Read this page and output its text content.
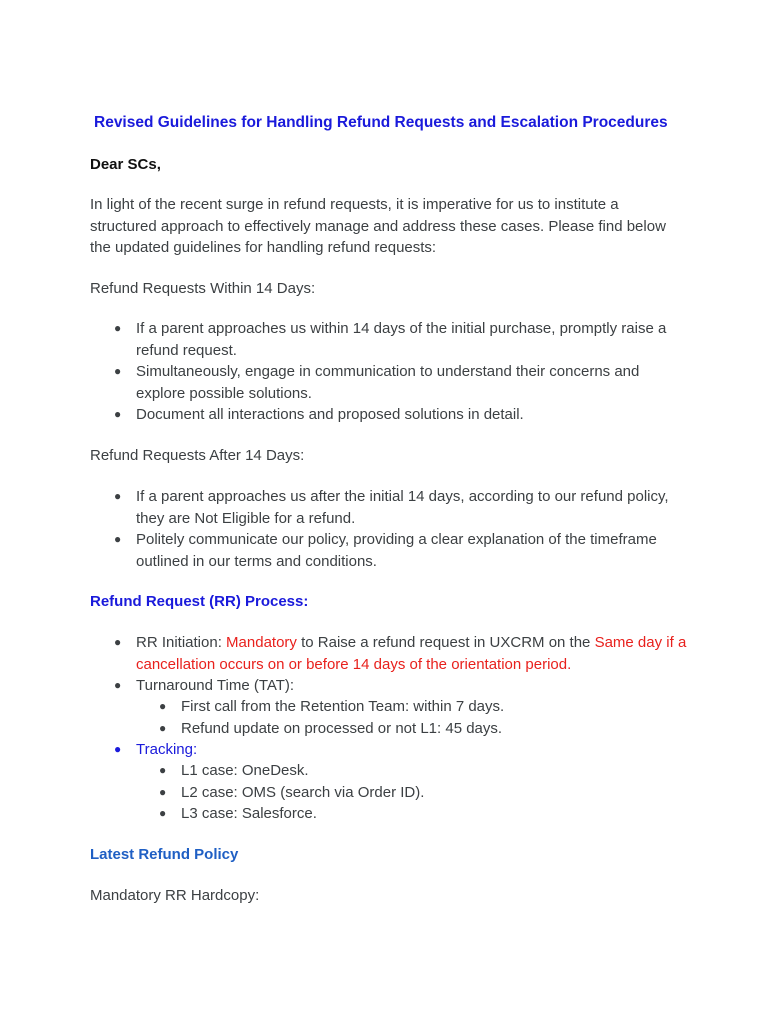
Revised Guidelines for Handling Refund Requests and Escalation Procedures
Dear SCs,
In light of the recent surge in refund requests, it is imperative for us to institute a structured approach to effectively manage and address these cases. Please find below the updated guidelines for handling refund requests:
Refund Requests Within 14 Days:
● If a parent approaches us within 14 days of the initial purchase, promptly raise a refund request.
● Simultaneously, engage in communication to understand their concerns and explore possible solutions.
● Document all interactions and proposed solutions in detail.
Refund Requests After 14 Days:
● If a parent approaches us after the initial 14 days, according to our refund policy, they are Not Eligible for a refund.
● Politely communicate our policy, providing a clear explanation of the timeframe outlined in our terms and conditions.
Refund Request (RR) Process:
● RR Initiation: Mandatory to Raise a refund request in UXCRM on the Same day if a
cancellation occurs on or before 14 days of the orientation period.
● Turnaround Time (TAT):
● First call from the Retention Team: within 7 days.
● Refund update on processed or not L1: 45 days.
● Tracking:
● L1 case: OneDesk.
● L2 case: OMS (search via Order ID).
● L3 case: Salesforce.
Latest Refund Policy
Mandatory RR Hardcopy:
